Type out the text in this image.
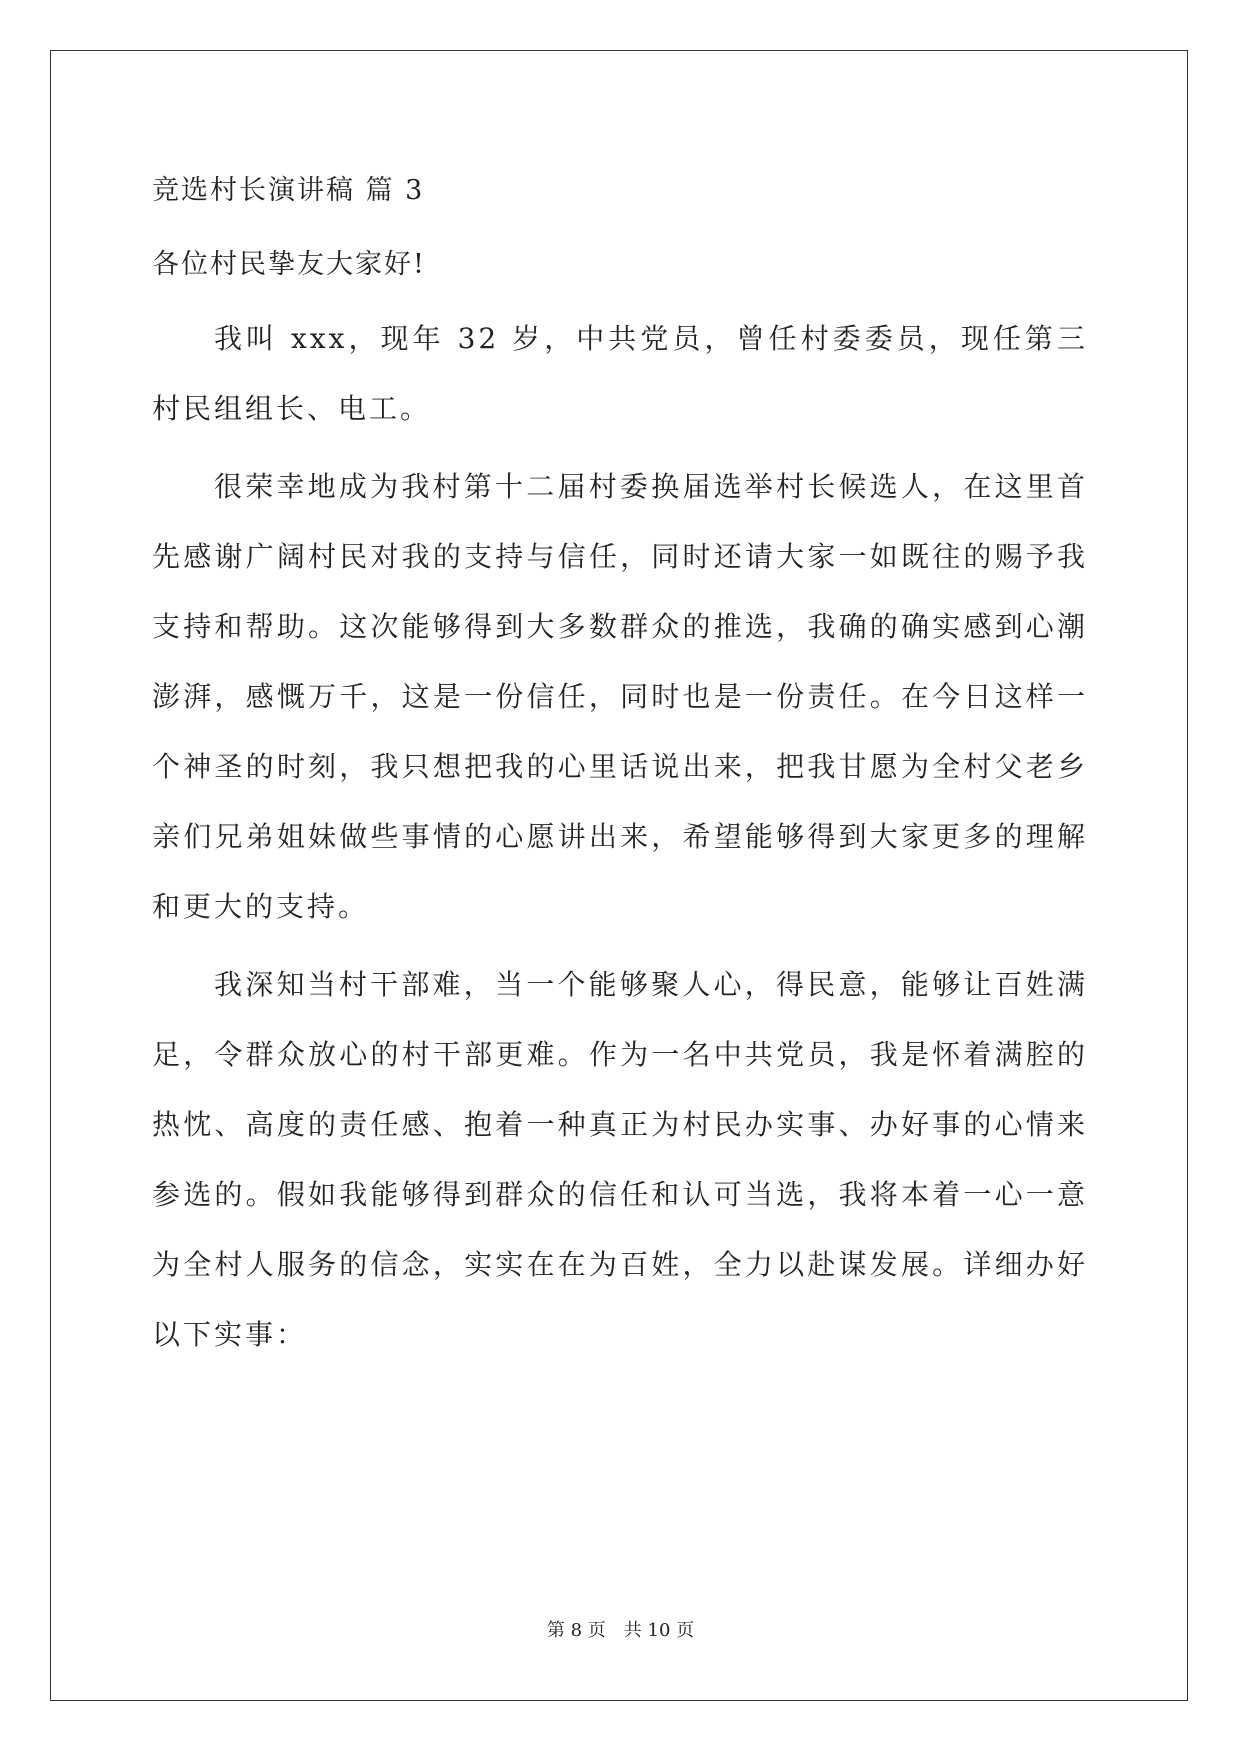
竞选村长演讲稿 篇 3
各位村民挚友大家好!

我叫 xxx，现年 32 岁，中共党员，曾任村委委员，现任第三村民组组长、电工。

很荣幸地成为我村第十二届村委换届选举村长候选人，在这里首先感谢广阔村民对我的支持与信任，同时还请大家一如既往的赐予我支持和帮助。这次能够得到大多数群众的推选，我确的确实感到心潮澎湃，感慨万千，这是一份信任，同时也是一份责任。在今日这样一个神圣的时刻，我只想把我的心里话说出来，把我甘愿为全村父老乡亲们兄弟姐妹做些事情的心愿讲出来，希望能够得到大家更多的理解和更大的支持。

我深知当村干部难，当一个能够聚人心，得民意，能够让百姓满足，令群众放心的村干部更难。作为一名中共党员，我是怀着满腔的热忱、高度的责任感、抱着一种真正为村民办实事、办好事的心情来参选的。假如我能够得到群众的信任和认可当选，我将本着一心一意为全村人服务的信念，实实在在为百姓，全力以赴谋发展。详细办好以下实事：

第 8 页　共 10 页
